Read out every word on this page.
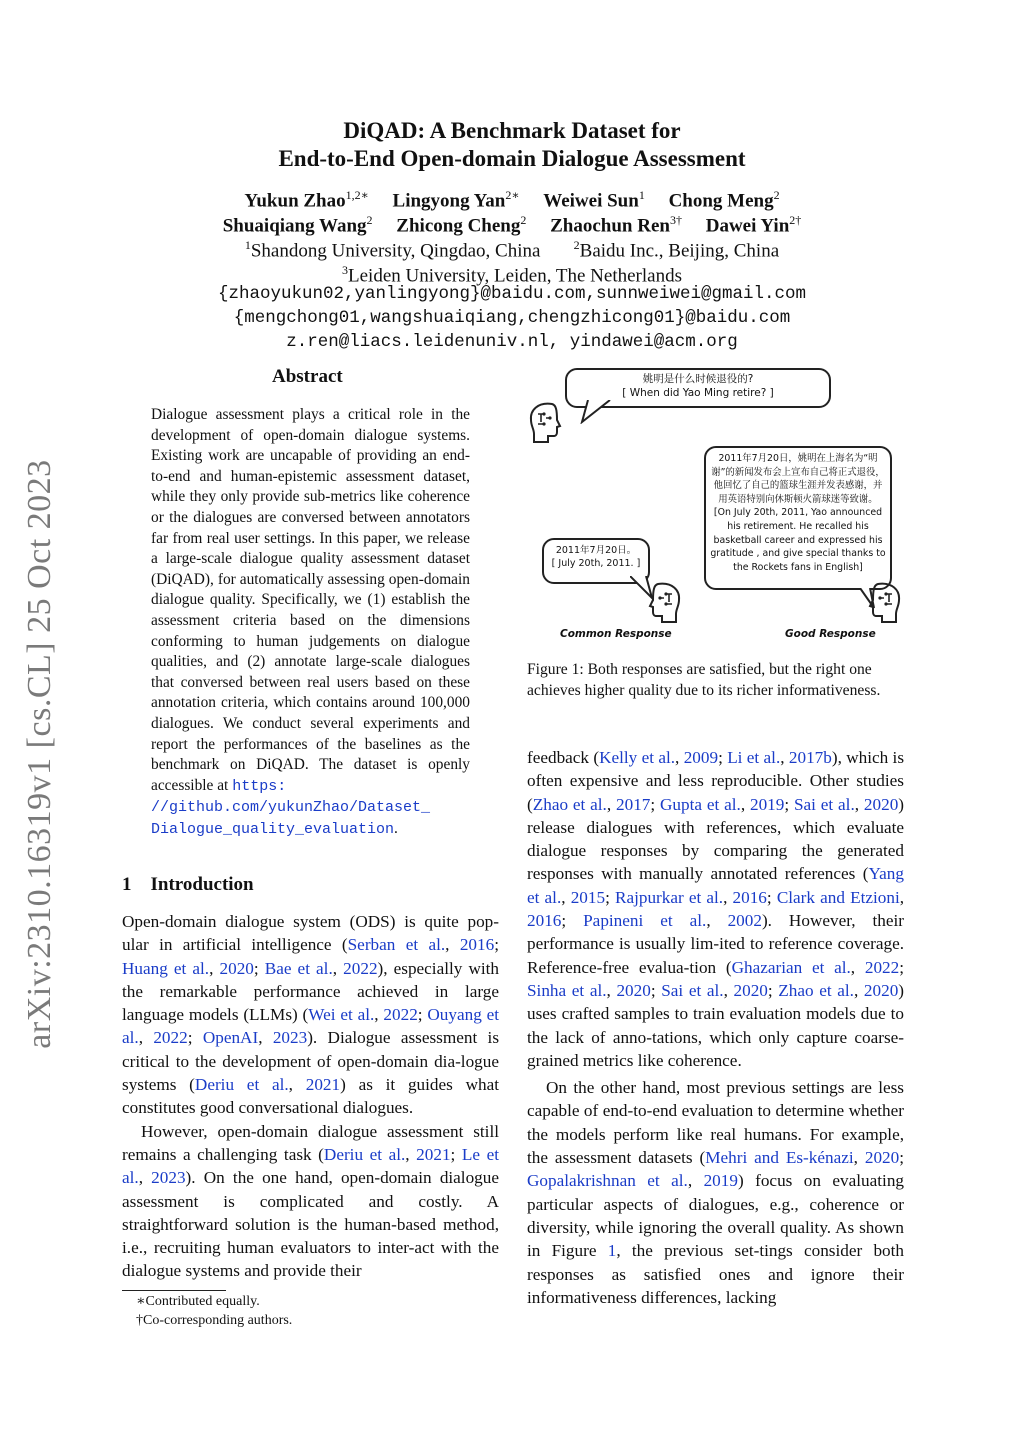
arXiv:2310.16319v1 [cs.CL] 25 Oct 2023
DiQAD: A Benchmark Dataset for
End-to-End Open-domain Dialogue Assessment
Yukun Zhao$^{1,2∗}$ Lingyong Yan$^{2∗}$ Weiwei Sun$^1$ Chong Meng$^2$
Shuaiqiang Wang$^2$ Zhicong Cheng$^2$ Zhaochun Ren$^{3\dagger}$ Dawei Yin$^{2\dagger}$
$^1$Shandong University, Qingdao, China	$^2$Baidu Inc., Beijing, China
$^3$Leiden University, Leiden, The Netherlands
{zhaoyukun02,yanlingyong}@baidu.com,sunnweiwei@gmail.com
{mengchong01,wangshuaiqiang,chengzhicong01}@baidu.com
z.ren@liacs.leidenuniv.nl, yindawei@acm.org
Abstract
Dialogue assessment plays a critical role in the development of open-domain dialogue systems. Existing work are uncapable of providing an end-to-end and human-epistemic assessment dataset, while they only provide sub-metrics like coherence or the dialogues are conversed between annotators far from real user settings. In this paper, we release a large-scale dialogue quality assessment dataset (DiQAD), for automatically assessing open-domain dialogue quality. Specifically, we (1) establish the assessment criteria based on the dimensions conforming to human judgements on dialogue qualities, and (2) annotate large-scale dialogues that conversed between real users based on these annotation criteria, which contains around 100,000 dialogues. We conduct several experiments and report the performances of the baselines as the benchmark on DiQAD. The dataset is openly accessible at https:
//github.com/yukunZhao/Dataset_
Dialogue_quality_evaluation.
姚明是什么时候退役的?
[ When did Yao Ming retire? ]
2011年7月20日。
[ July 20th, 2011. ]
2011年7月20日，姚明在上海名为“明谢”的新闻发布会上宣布自己将正式退役，他回忆了自己的篮球生涯并发表感谢，并用英语特别向休斯顿火箭球迷等致谢。
[On July 20th, 2011, Yao announced his retirement. He recalled his basketball career and expressed his gratitude , and give special thanks to the Rockets fans in English]
Common Response	Good Response
Figure 1: Both responses are satisfied, but the right one achieves higher quality due to its richer informativeness.
1 Introduction

Open-domain dialogue system (ODS) is quite pop-ular in artificial intelligence (Serban et al., 2016; Huang et al., 2020; Bae et al., 2022), especially with the remarkable performance achieved in large language models (LLMs) (Wei et al., 2022; Ouyang et al., 2022; OpenAI, 2023). Dialogue assessment is critical to the development of open-domain dia-logue systems (Deriu et al., 2021) as it guides what constitutes good conversational dialogues.

However, open-domain dialogue assessment still remains a challenging task (Deriu et al., 2021; Le et al., 2023). On the one hand, open-domain dialogue assessment is complicated and costly. A straightforward solution is the human-based method, i.e., recruiting human evaluators to inter-act with the dialogue systems and provide their

∗Contributed equally.
†Co-corresponding authors.

feedback (Kelly et al., 2009; Li et al., 2017b), which is often expensive and less reproducible. Other studies (Zhao et al., 2017; Gupta et al., 2019; Sai et al., 2020) release dialogues with references, which evaluate dialogue responses by comparing the generated responses with manually annotated references (Yang et al., 2015; Rajpurkar et al., 2016; Clark and Etzioni, 2016; Papineni et al., 2002). However, their performance is usually lim-ited to reference coverage. Reference-free evalua-tion (Ghazarian et al., 2022; Sinha et al., 2020; Sai et al., 2020; Zhao et al., 2020) uses crafted samples to train evaluation models due to the lack of anno-tations, which only capture coarse-grained metrics like coherence.

On the other hand, most previous settings are less capable of end-to-end evaluation to determine whether the models perform like real humans. For example, the assessment datasets (Mehri and Es-kénazi, 2020; Gopalakrishnan et al., 2019) focus on evaluating particular aspects of dialogues, e.g., coherence or diversity, while ignoring the overall quality. As shown in Figure 1, the previous set-tings consider both responses as satisfied ones and ignore their informativeness differences, lacking
